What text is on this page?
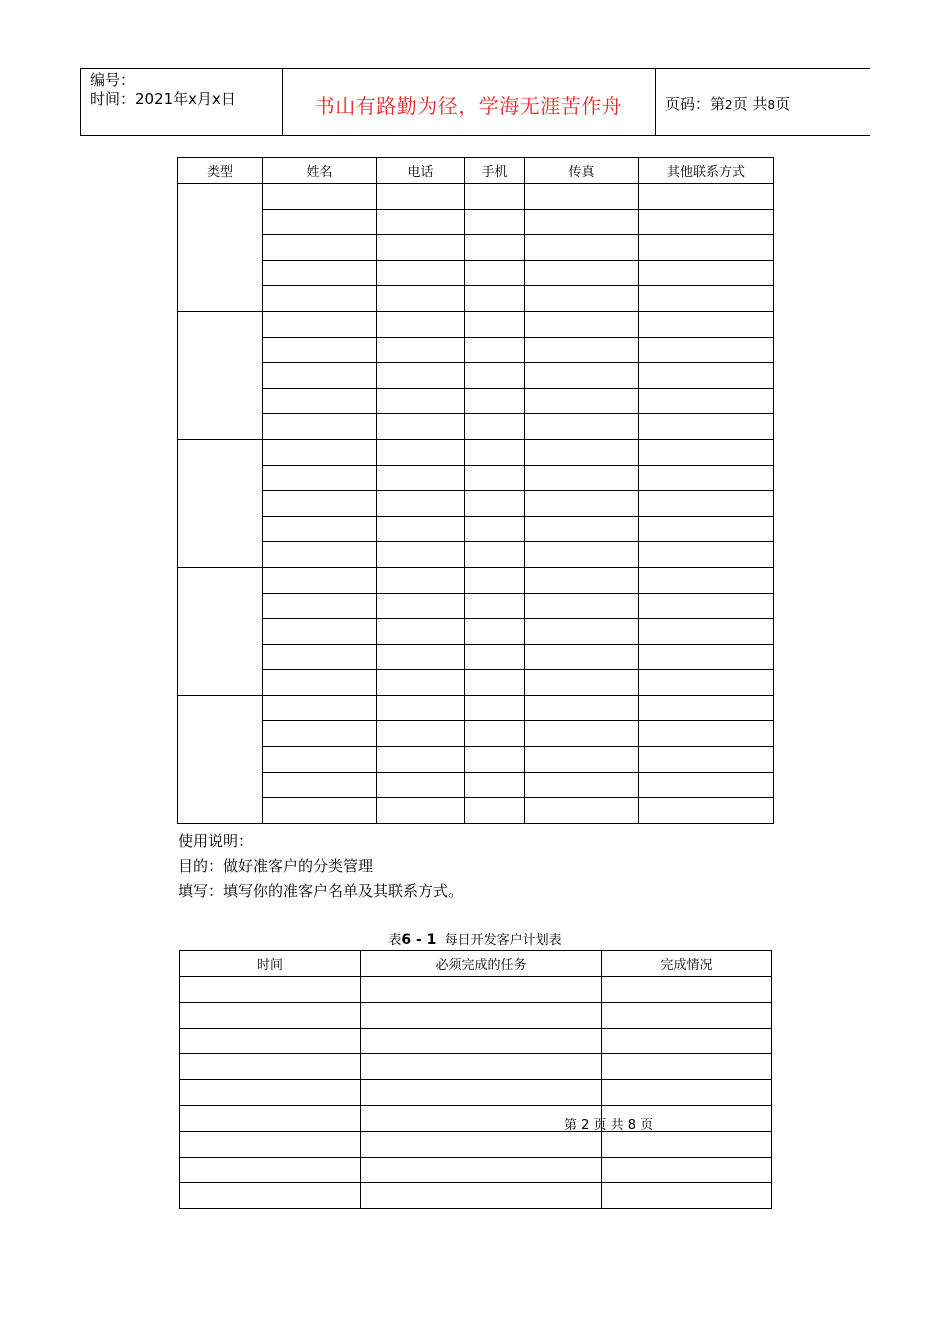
编号：
时间：2021年x月x日	书山有路勤为径，学海无涯苦作舟	页码：第2页 共8页
类型	姓名	电话	手机	传真	其他联系方式

使用说明：
目的：做好准客户的分类管理
填写：填写你的准客户名单及其联系方式。
表6 - 1 每日开发客户计划表
时间	必须完成的任务	完成情况

第 2 页 共 8 页
